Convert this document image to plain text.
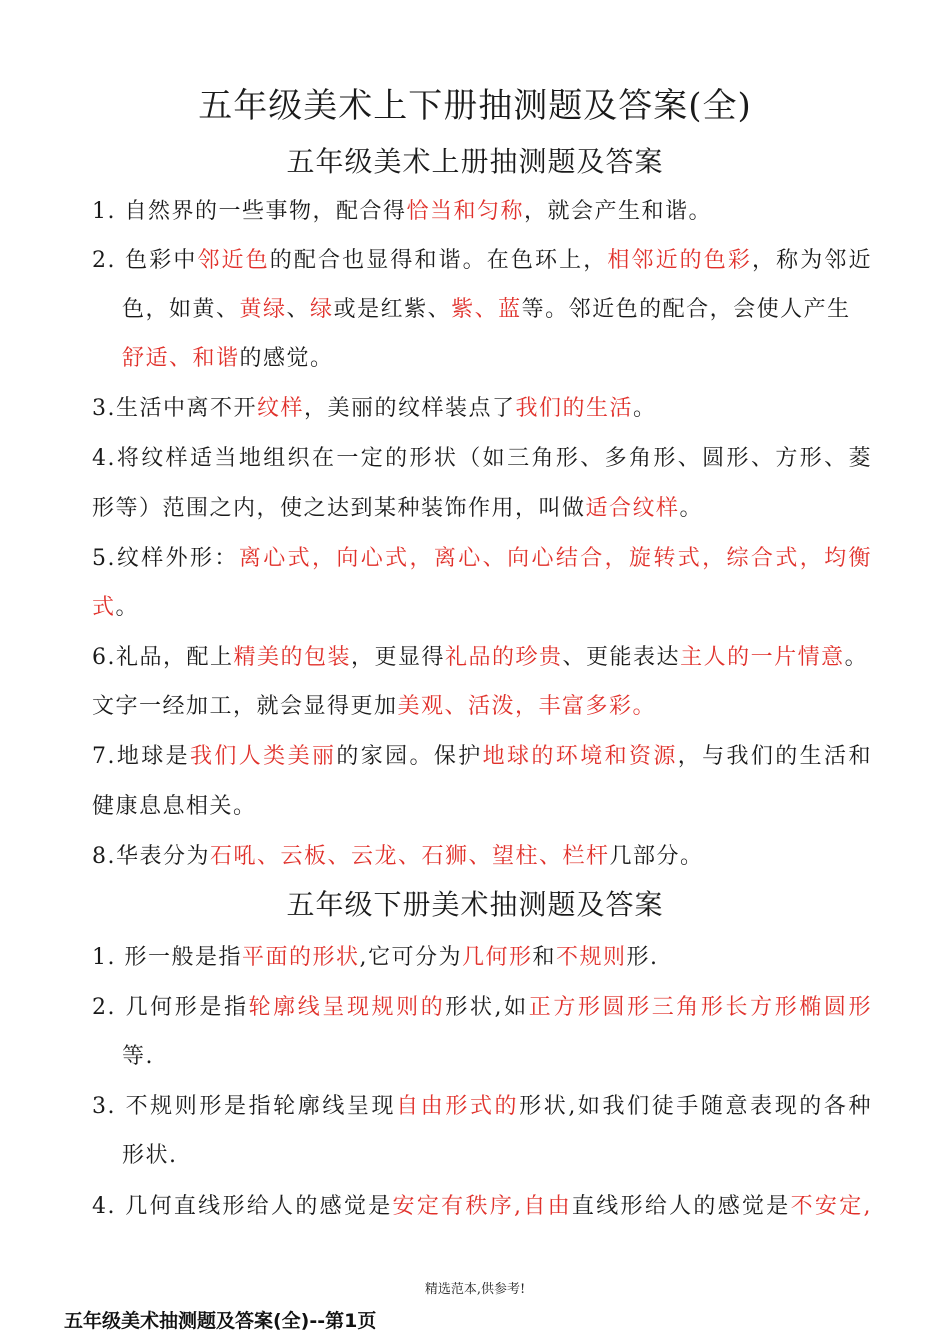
五年级美术上下册抽测题及答案(全)
五年级美术上册抽测题及答案
1. 自然界的一些事物，配合得恰当和匀称，就会产生和谐。
2. 色彩中邻近色的配合也显得和谐。在色环上，相邻近的色彩，称为邻近
色，如黄、黄绿、绿或是红紫、紫、蓝等。邻近色的配合，会使人产生
舒适、和谐的感觉。
3.生活中离不开纹样，美丽的纹样装点了我们的生活。
4.将纹样适当地组织在一定的形状（如三角形、多角形、圆形、方形、菱
形等）范围之内，使之达到某种装饰作用，叫做适合纹样。
5.纹样外形：离心式，向心式，离心、向心结合，旋转式，综合式，均衡
式。
6.礼品，配上精美的包装，更显得礼品的珍贵、更能表达主人的一片情意。
文字一经加工，就会显得更加美观、活泼，丰富多彩。
7.地球是我们人类美丽的家园。保护地球的环境和资源，与我们的生活和
健康息息相关。
8.华表分为石吼、云板、云龙、石狮、望柱、栏杆几部分。
五年级下册美术抽测题及答案
1. 形一般是指平面的形状,它可分为几何形和不规则形.
2. 几何形是指轮廓线呈现规则的形状,如正方形圆形三角形长方形椭圆形
等.
3. 不规则形是指轮廓线呈现自由形式的形状,如我们徒手随意表现的各种
形状.
4. 几何直线形给人的感觉是安定有秩序,自由直线形给人的感觉是不安定,
精选范本,供参考!
五年级美术抽测题及答案(全)--第1页
